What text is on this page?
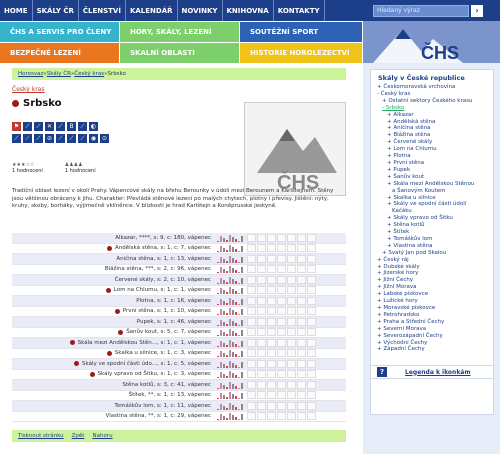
HOME	SKÁLY ČR	ČLENSTVÍ	KALENDÁŘ	NOVINKY	KNIHOVNA	KONTAKTY	Hledaný výraz	›
ČHS A SERVIS PRO ČLENY	HORY, SKÁLY, LEZENÍ	SOUTĚŽNÍ SPORT
BEZPEČNÉ LEZENÍ	SKALNÍ OBLASTI	HISTORIE HOROLEZECTVÍ	ČHS
Horosvaz » Skály ČR » Český kras » Srbsko
Český kras
Srbsko
⚑ ⟋ ⟋ ✕ ⟋ B ⟋ ◐
⟋ ⟋ ⟋ ⊘ ⟋ ⟋ ⟋ ◉ ⊙
★★★☆☆
1 hodnocení
♟♟♟♟
1 hodnocení
ČHS
Tradiční oblast lezení v okolí Prahy. Vápencové skály na břehu Berounky v údolí mezi Berounem a Karlštejnem. Stěny jsou většinou obráceny k jihu. Charakter: Převládá stěnové lezení po malých chytech, plotny i převisy. Jištění: nýty, kruhy, skoby, borháky, výjimečně vklíněnce. V blízkosti je hrad Karlštejn a Koněprusské jeskyně.
Alkazar, ****, s: 9, c: 180, vápenec
Andělská stěna, s: 1, c: 7, vápenec
Aničina stěna, s: 1, c: 13, vápenec
Blážina stěna, ***, s: 2, c: 96, vápenec
Červené skály, s: 2, c: 10, vápenec
Lom na Chlumu, s: 1, c: 1, vápenec
Plotna, s: 1, c: 16, vápenec
První stěna, s: 1, c: 10, vápenec
Pupek, s: 1, c: 46, vápenec
Šanův kout, s: 5, c: 7, vápenec
Skála mezi Andělskou Stěn..., s: 1, c: 1, vápenec
Skalka u silnice, s: 1, c: 3, vápenec
Skály ve spodní části údo..., s: 1, c: 5, vápenec
Skály vpravo od Šitku, s: 1, c: 3, vápenec
Stěna kotlů, s: 3, c: 41, vápenec
Štítek, **, s: 1, c: 13, vápenec
Tomáškův lom, s: 1, c: 11, vápenec
Vlastina stěna, **, s: 1, c: 29, vápenec
Tisknout stránku Zpět Nahoru
Skály v České republice
+ Českomoravská vrchovina
- Český kras
+ Ostatní sektory Českého krasu
- Srbsko
+ Alkazar
+ Andělská stěna
+ Aničina stěna
+ Blážina stěna
+ Červené skály
+ Lom na Chlumu
+ Plotna
+ První stěna
+ Pupek
+ Šanův kout
+ Skála mezi Andělskou Stěnou
a Šanovým Koutem
+ Skalka u silnice
+ Skály ve spodní části údolí
Kačáku
+ Skály vpravo od Šitku
+ Stěna kotlů
+ Štítek
+ Tomáškův lom
+ Vlastina stěna
+ Svatý Jan pod Skalou
+ Český ráj
+ Dubské skály
+ Jizerské hory
+ Jižní Čechy
+ Jižní Morava
+ Labské pískovce
+ Lužické hory
+ Moravské pískovce
+ Petrohradsko
+ Praha a Střední Čechy
+ Severní Morava
+ Severozápadní Čechy
+ Východní Čechy
+ Západní Čechy
?	Legenda k ikonkám
